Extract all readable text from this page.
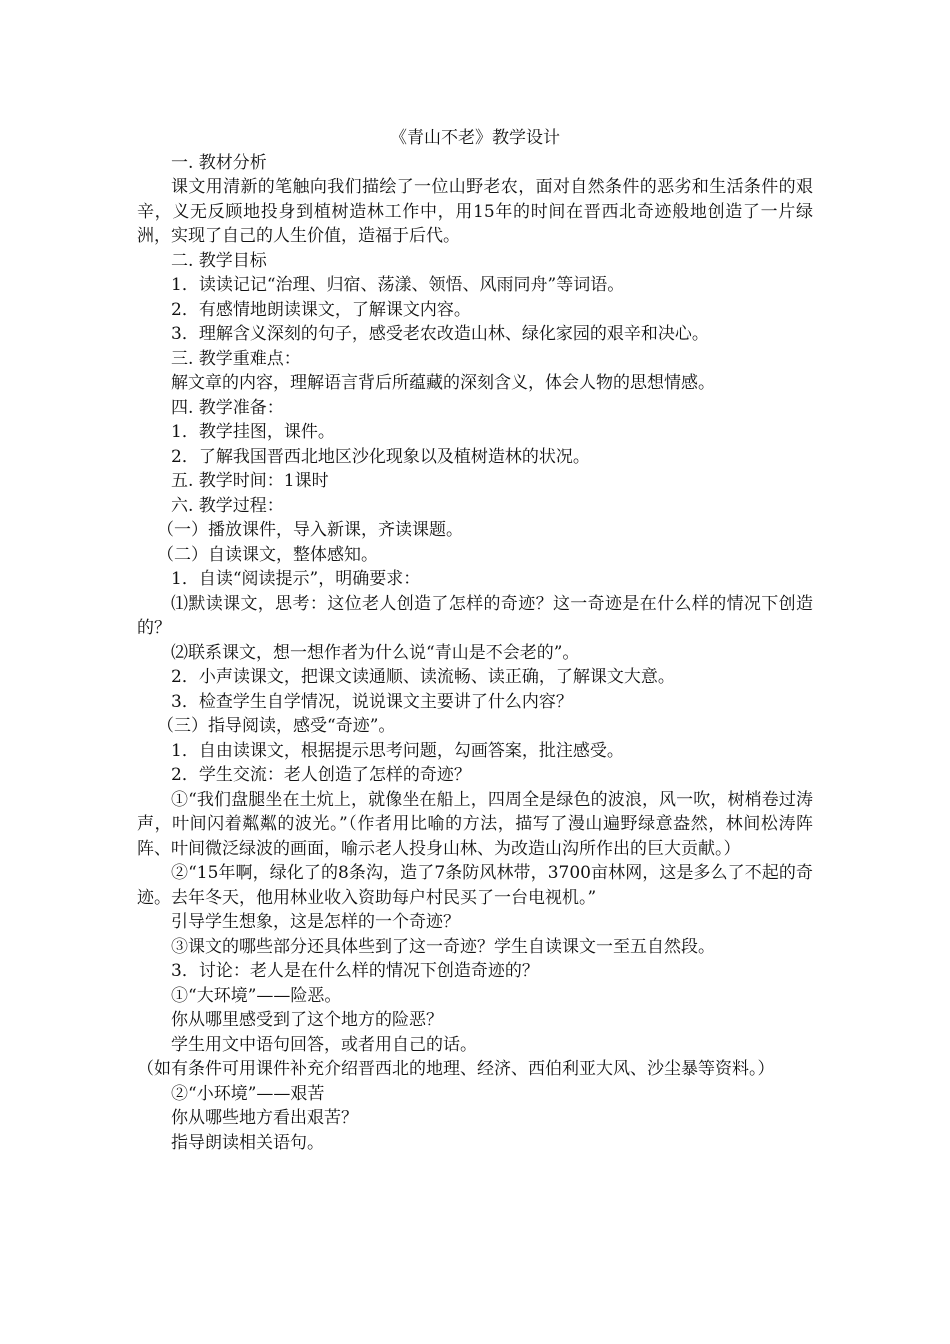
《青山不老》教学设计

一. 教材分析

课文用清新的笔触向我们描绘了一位山野老农，面对自然条件的恶劣和生活条件的艰辛，义无反顾地投身到植树造林工作中，用15年的时间在晋西北奇迹般地创造了一片绿洲，实现了自己的人生价值，造福于后代。

二. 教学目标

1．读读记记“治理、归宿、荡漾、领悟、风雨同舟”等词语。

2．有感情地朗读课文，了解课文内容。

3．理解含义深刻的句子，感受老农改造山林、绿化家园的艰辛和决心。

三. 教学重难点：

解文章的内容，理解语言背后所蕴藏的深刻含义，体会人物的思想情感。

四. 教学准备：

1．教学挂图，课件。

2．了解我国晋西北地区沙化现象以及植树造林的状况。

五. 教学时间：1课时

六. 教学过程：

（一）播放课件，导入新课，齐读课题。

（二）自读课文，整体感知。

1．自读“阅读提示”，明确要求：

⑴默读课文，思考：这位老人创造了怎样的奇迹？这一奇迹是在什么样的情况下创造的？

⑵联系课文，想一想作者为什么说“青山是不会老的”。

2．小声读课文，把课文读通顺、读流畅、读正确，了解课文大意。

3．检查学生自学情况，说说课文主要讲了什么内容？

（三）指导阅读，感受“奇迹”。

1．自由读课文，根据提示思考问题，勾画答案，批注感受。

2．学生交流：老人创造了怎样的奇迹？

①“我们盘腿坐在土炕上，就像坐在船上，四周全是绿色的波浪，风一吹，树梢卷过涛声，叶间闪着粼粼的波光。”（作者用比喻的方法，描写了漫山遍野绿意盎然，林间松涛阵阵、叶间微泛绿波的画面，喻示老人投身山林、为改造山沟所作出的巨大贡献。）

②“15年啊，绿化了的8条沟，造了7条防风林带，3700亩林网，这是多么了不起的奇迹。去年冬天，他用林业收入资助每户村民买了一台电视机。”

引导学生想象，这是怎样的一个奇迹？

③课文的哪些部分还具体些到了这一奇迹？学生自读课文一至五自然段。

3．讨论：老人是在什么样的情况下创造奇迹的？

①“大环境”——险恶。

你从哪里感受到了这个地方的险恶？

学生用文中语句回答，或者用自己的话。

（如有条件可用课件补充介绍晋西北的地理、经济、西伯利亚大风、沙尘暴等资料。）

②“小环境”——艰苦

你从哪些地方看出艰苦？

指导朗读相关语句。
